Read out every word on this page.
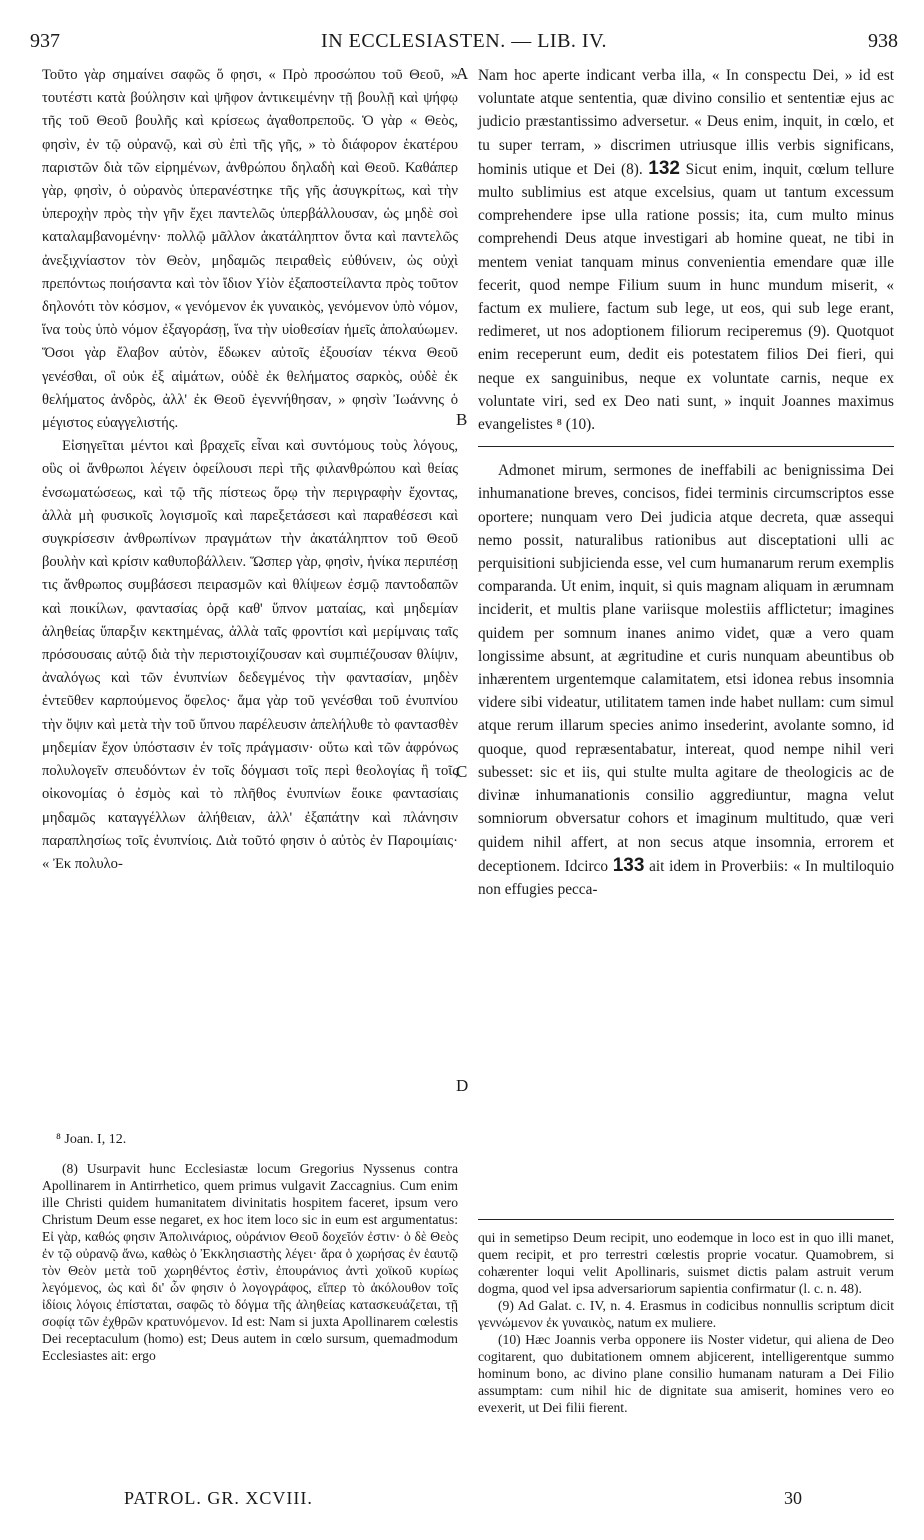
937	IN ECCLESIASTEN. — LIB. IV.	938
A
B
C
D

Τοῦτο γὰρ σημαίνει σαφῶς ὅ φησι, « Πρὸ προσώπου τοῦ Θεοῦ, » τουτέστι κατὰ βούλησιν καὶ ψῆφον ἀντικειμένην τῇ βουλῇ καὶ ψήφῳ τῆς τοῦ Θεοῦ βουλῆς καὶ κρίσεως ἀγαθοπρεποῦς. Ὁ γὰρ « Θεὸς, φησὶν, ἐν τῷ οὐρανῷ, καὶ σὺ ἐπὶ τῆς γῆς, » τὸ διάφορον ἑκατέρου παριστῶν διὰ τῶν εἰρημένων, ἀνθρώπου δηλαδὴ καὶ Θεοῦ. Καθάπερ γὰρ, φησὶν, ὁ οὐρανὸς ὑπερανέστηκε τῆς γῆς ἀσυγκρίτως, καὶ τὴν ὑπεροχὴν πρὸς τὴν γῆν ἔχει παντελῶς ὑπερβάλλουσαν, ὡς μηδὲ σοὶ καταλαμβανομένην· πολλῷ μᾶλλον ἀκατάληπτον ὄντα καὶ παντελῶς ἀνεξιχνίαστον τὸν Θεὸν, μηδαμῶς πειραθεὶς εὐθύνειν, ὡς οὐχὶ πρεπόντως ποιήσαντα καὶ τὸν ἴδιον Υἱὸν ἐξαποστείλαντα πρὸς τοῦτον δηλονότι τὸν κόσμον, « γενόμενον ἐκ γυναικὸς, γενόμενον ὑπὸ νόμον, ἵνα τοὺς ὑπὸ νόμον ἐξαγοράσῃ, ἵνα τὴν υἱοθεσίαν ἡμεῖς ἀπολαύωμεν. Ὅσοι γὰρ ἔλαβον αὐτὸν, ἔδωκεν αὐτοῖς ἐξουσίαν τέκνα Θεοῦ γενέσθαι, οἳ οὐκ ἐξ αἱμάτων, οὐδὲ ἐκ θελήματος σαρκὸς, οὐδὲ ἐκ θελήματος ἀνδρὸς, ἀλλ' ἐκ Θεοῦ ἐγεννήθησαν, » φησὶν Ἰωάννης ὁ μέγιστος εὐαγγελιστής.

Εἰσηγεῖται μέντοι καὶ βραχεῖς εἶναι καὶ συντόμους τοὺς λόγους, οὓς οἱ ἄνθρωποι λέγειν ὀφείλουσι περὶ τῆς φιλανθρώπου καὶ θείας ἐνσωματώσεως, καὶ τῷ τῆς πίστεως ὅρῳ τὴν περιγραφὴν ἔχοντας, ἀλλὰ μὴ φυσικοῖς λογισμοῖς καὶ παρεξετάσεσι καὶ παραθέσεσι καὶ συγκρίσεσιν ἀνθρωπίνων πραγμάτων τὴν ἀκατάληπτον τοῦ Θεοῦ βουλὴν καὶ κρίσιν καθυποβάλλειν. Ὥσπερ γὰρ, φησὶν, ἡνίκα περιπέσῃ τις ἄνθρωπος συμβάσεσι πειρασμῶν καὶ θλίψεων ἐσμῷ παντοδαπῶν καὶ ποικίλων, φαντασίας ὁρᾷ καθ' ὕπνον ματαίας, καὶ μηδεμίαν ἀληθείας ὕπαρξιν κεκτημένας, ἀλλὰ ταῖς φροντίσι καὶ μερίμναις ταῖς πρόσουσαις αὐτῷ διὰ τὴν περιστοιχίζουσαν καὶ συμπιέζουσαν θλίψιν, ἀναλόγως καὶ τῶν ἐνυπνίων δεδεγμένος τὴν φαντασίαν, μηδὲν ἐντεῦθεν καρπούμενος ὄφελος· ἅμα γὰρ τοῦ γενέσθαι τοῦ ἐνυπνίου τὴν ὄψιν καὶ μετὰ τὴν τοῦ ὕπνου παρέλευσιν ἀπελήλυθε τὸ φαντασθὲν μηδεμίαν ἔχον ὑπόστασιν ἐν τοῖς πράγμασιν· οὕτω καὶ τῶν ἀφρόνως πολυλογεῖν σπευδόντων ἐν τοῖς δόγμασι τοῖς περὶ θεολογίας ἢ τοῖς οἰκονομίας ὁ ἐσμὸς καὶ τὸ πλῆθος ἐνυπνίων ἔοικε φαντασίαις μηδαμῶς καταγγέλλων ἀλήθειαν, ἀλλ' ἐξαπάτην καὶ πλάνησιν παραπλησίως τοῖς ἐνυπνίοις. Διὰ τοῦτό φησιν ὁ αὐτὸς ἐν Παροιμίαις· « Ἐκ πολυλο-

Nam hoc aperte indicant verba illa, « In conspectu Dei, » id est voluntate atque sententia, quæ divino consilio et sententiæ ejus ac judicio præstantissimo adversetur. « Deus enim, inquit, in cœlo, et tu super terram, » discrimen utriusque illis verbis significans, hominis utique et Dei (8). 132 Sicut enim, inquit, cœlum tellure multo sublimius est atque excelsius, quam ut tantum excessum comprehendere ipse ulla ratione possis; ita, cum multo minus comprehendi Deus atque investigari ab homine queat, ne tibi in mentem veniat tanquam minus convenientia emendare quæ ille fecerit, quod nempe Filium suum in hunc mundum miserit, « factum ex muliere, factum sub lege, ut eos, qui sub lege erant, redimeret, ut nos adoptionem filiorum reciperemus (9). Quotquot enim receperunt eum, dedit eis potestatem filios Dei fieri, qui neque ex sanguinibus, neque ex voluntate carnis, neque ex voluntate viri, sed ex Deo nati sunt, » inquit Joannes maximus evangelistes ⁸ (10).

Admonet mirum, sermones de ineffabili ac benignissima Dei inhumanatione breves, concisos, fidei terminis circumscriptos esse oportere; nunquam vero Dei judicia atque decreta, quæ assequi nemo possit, naturalibus rationibus aut disceptationi ulli ac perquisitioni subjicienda esse, vel cum humanarum rerum exemplis comparanda. Ut enim, inquit, si quis magnam aliquam in ærumnam inciderit, et multis plane variisque molestiis afflictetur; imagines quidem per somnum inanes animo videt, quæ a vero quam longissime absunt, at ægritudine et curis nunquam abeuntibus ob inhærentem urgentemque calamitatem, etsi idonea rebus insomnia videre sibi videatur, utilitatem tamen inde habet nullam: cum simul atque rerum illarum species animo insederint, avolante somno, id quoque, quod repræsentabatur, intereat, quod nempe nihil veri subesset: sic et iis, qui stulte multa agitare de theologicis ac de divinæ inhumanationis consilio aggrediuntur, magna velut somniorum obversatur cohors et imaginum multitudo, quæ veri quidem nihil affert, at non secus atque insomnia, errorem et deceptionem. Idcirco 133 ait idem in Proverbiis: « In multiloquio non effugies pecca-

⁸ Joan. I, 12.

(8) Usurpavit hunc Ecclesiastæ locum Gregorius Nyssenus contra Apollinarem in Antirrhetico, quem primus vulgavit Zaccagnius. Cum enim ille Christi quidem humanitatem divinitatis hospitem faceret, ipsum vero Christum Deum esse negaret, ex hoc item loco sic in eum est argumentatus: Εἰ γὰρ, καθώς φησιν Ἀπολινάριος, οὐράνιον Θεοῦ δοχεῖόν ἐστιν· ὁ δὲ Θεὸς ἐν τῷ οὐρανῷ ἄνω, καθὼς ὁ Ἐκκλησιαστὴς λέγει· ἄρα ὁ χωρήσας ἐν ἑαυτῷ τὸν Θεὸν μετὰ τοῦ χωρηθέντος ἐστὶν, ἐπουράνιος ἀντὶ χοϊκοῦ κυρίως λεγόμενος, ὡς καὶ δι' ὧν φησιν ὁ λογογράφος, εἴπερ τὸ ἀκόλουθον τοῖς ἰδίοις λόγοις ἐπίσταται, σαφῶς τὸ δόγμα τῆς ἀληθείας κατασκευάζεται, τῇ σοφίᾳ τῶν ἐχθρῶν κρατυνόμενον. Id est: Nam si juxta Apollinarem cœlestis Dei receptaculum (homo) est; Deus autem in cœlo sursum, quemadmodum Ecclesiastes ait: ergo

qui in semetipso Deum recipit, uno eodemque in loco est in quo illi manet, quem recipit, et pro terrestri cœlestis proprie vocatur. Quamobrem, si cohærenter loqui velit Apollinaris, suismet dictis palam astruit verum dogma, quod vel ipsa adversariorum sapientia confirmatur (l. c. n. 48).

(9) Ad Galat. c. IV, n. 4. Erasmus in codicibus nonnullis scriptum dicit γεννώμενον ἐκ γυναικὸς, natum ex muliere.

(10) Hæc Joannis verba opponere iis Noster videtur, qui aliena de Deo cogitarent, quo dubitationem omnem abjicerent, intelligerentque summo hominum bono, ac divino plane consilio humanam naturam a Dei Filio assumptam: cum nihil hic de dignitate sua amiserit, homines vero eo evexerit, ut Dei filii fierent.

PATROL. GR. XCVIII.	30
